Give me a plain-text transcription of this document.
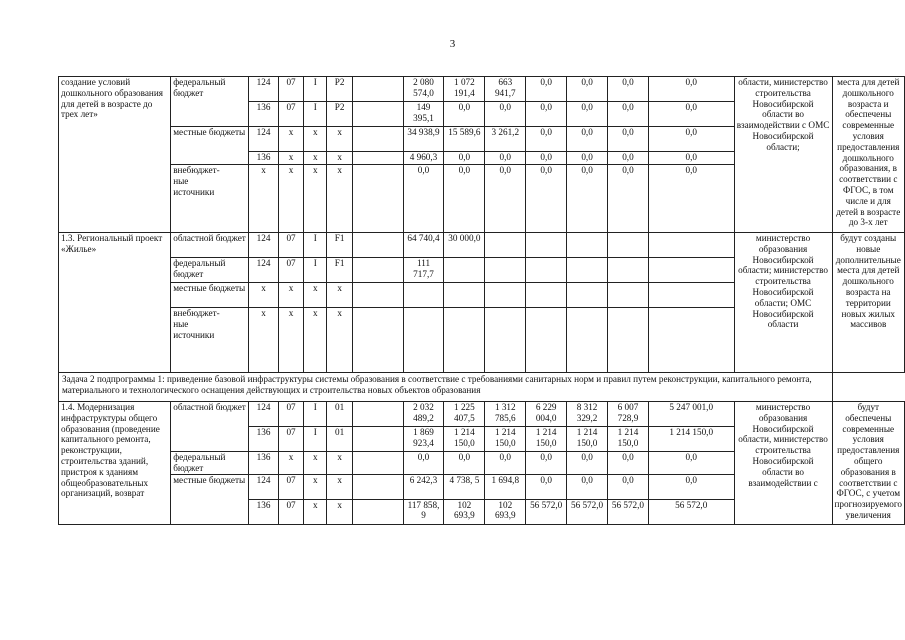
3
создание условий дошкольного образования для детей в возрасте до трех лет»	федеральный бюджет	124	07	I	P2		2 080 574,0	1 072 191,4	663 941,7	0,0	0,0	0,0	0,0	области, министерство строительства Новосибирской области во взаимодействии с ОМС Новосибирской области;	места для детей дошкольного возраста и обеспечены современные условия предоставления дошкольного образования, в соответствии с ФГОС, в том числе и для детей в возрасте до 3-х лет
		136	07	I	P2		149 395,1	0,0	0,0	0,0	0,0	0,0	0,0		
	местные бюджеты	124	х	х	х		34 938,9	15 589,6	3 261,2	0,0	0,0	0,0	0,0		
		136	х	х	х		4 960,3	0,0	0,0	0,0	0,0	0,0	0,0		
	внебюджет-
ные
источники	х	х	х	х		0,0	0,0	0,0	0,0	0,0	0,0	0,0		
1.3. Региональный проект «Жилье»	областной бюджет	124	07	I	F1		64 740,4	30 000,0						министерство образования Новосибирской области; министерство строительства Новосибирской области; ОМС Новосибирской области	будут созданы новые дополнительные места для детей дошкольного возраста на территории новых жилых массивов
	федеральный бюджет	124	07	I	F1		111 717,7								
	местные бюджеты	х	х	х	х										
	внебюджет-
ные
источники	х	х	х	х										
Задача 2 подпрограммы 1: приведение базовой инфраструктуры системы образования в соответствие с требованиями санитарных норм и правил путем реконструкции, капитального ремонта, материального и технологического оснащения действующих и строительства новых объектов образования															
1.4. Модернизация инфраструктуры общего образования (проведение капитального ремонта, реконструкции, строительства зданий, пристроя к зданиям общеобразовательных организаций, возврат	областной бюджет	124	07	I	01		2 032 489,2	1 225 407,5	1 312 785,6	6 229 004,0	8 312 329,2	6 007 728,9	5 247 001,0	министерство образования Новосибирской области, министерство строительства Новосибирской области во взаимодействии с	будут обеспечены современные условия предоставления общего образования в соответствии с ФГОС, с учетом прогнозируемого увеличения
		136	07	I	01		1 869 923,4	1 214 150,0	1 214 150,0	1 214 150,0	1 214 150,0	1 214 150,0	1 214 150,0		
	федеральный бюджет	136	х	х	х		0,0	0,0	0,0	0,0	0,0	0,0	0,0		
	местные бюджеты	124	07	х	х		6 242,3	4 738, 5	1 694,8	0,0	0,0	0,0	0,0		
		136	07	х	х		117 858, 9	102 693,9	102 693,9	56 572,0	56 572,0	56 572,0	56 572,0		
